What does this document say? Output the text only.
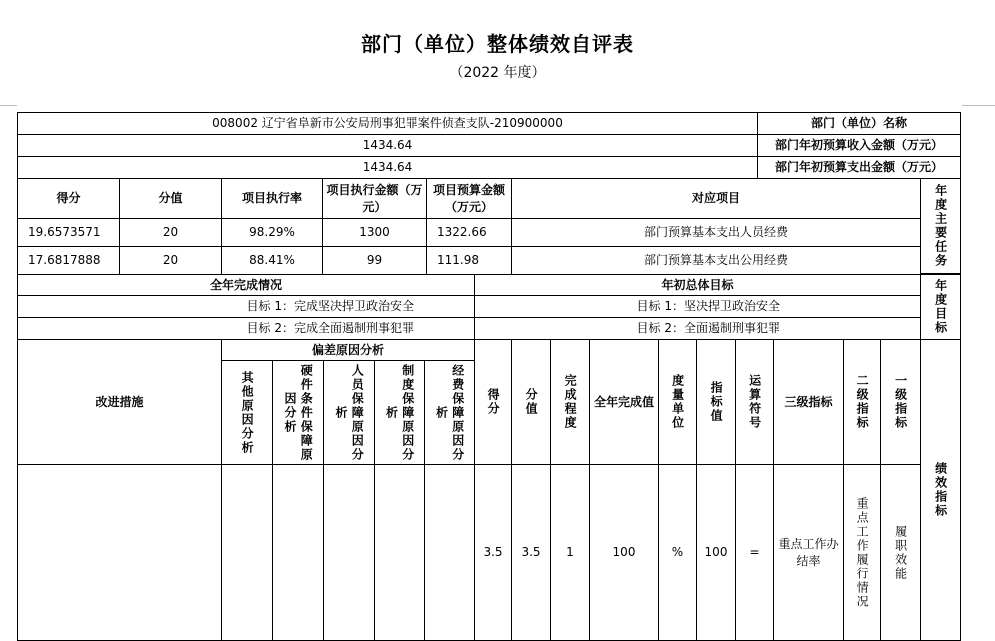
部门（单位）整体绩效自评表
（2022 年度）
部门（单位）名称
008002 辽宁省阜新市公安局刑事犯罪案件侦查支队-210900000
部门年初预算收入金额（万元）
1434.64
部门年初预算支出金额（万元）
1434.64
年度主要任务
对应项目
项目预算金额（万元）
项目执行金额（万元）
项目执行率
分值
得分
部门预算基本支出人员经费
1322.66
1300
98.29%
20
19.6573571
部门预算基本支出公用经费
111.98
99
88.41%
20
17.6817888
年度目标
年初总体目标
全年完成情况
目标 1：坚决捍卫政治安全
目标 2：全面遏制刑事犯罪
目标 1：完成坚决捍卫政治安全
目标 2：完成全面遏制刑事犯罪
绩效指标
一级指标
二级指标
三级指标
运算符号
指标值
度量单位
全年完成值
完成程度
分值
得分
偏差原因分析
经费保障原因分析
制度保障原因分析
人员保障原因分析
硬件条件保障原因分析
其他原因分析
改进措施
履职效能
重点工作履行情况
重点工作办结率
=
100
%
100
1
3.5
3.5
